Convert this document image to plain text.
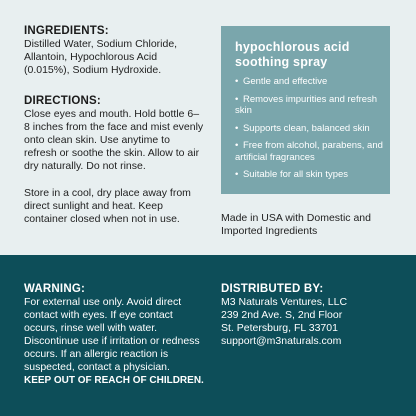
INGREDIENTS:
Distilled Water, Sodium Chloride, Allantoin, Hypochlorous Acid (0.015%), Sodium Hydroxide.
DIRECTIONS:
Close eyes and mouth. Hold bottle 6–8 inches from the face and mist evenly onto clean skin. Use anytime to refresh or soothe the skin. Allow to air dry naturally. Do not rinse.
Store in a cool, dry place away from direct sunlight and heat. Keep container closed when not in use.
hypochlorous acid soothing spray
• Gentle and effective
• Removes impurities and refresh skin
• Supports clean, balanced skin
• Free from alcohol, parabens, and artificial fragrances
• Suitable for all skin types
Made in USA with Domestic and Imported Ingredients
WARNING:
For external use only. Avoid direct contact with eyes. If eye contact occurs, rinse well with water. Discontinue use if irritation or redness occurs. If an allergic reaction is suspected, contact a physician.
KEEP OUT OF REACH OF CHILDREN.
DISTRIBUTED BY:
M3 Naturals Ventures, LLC
239 2nd Ave. S, 2nd Floor
St. Petersburg, FL 33701
support@m3naturals.com
